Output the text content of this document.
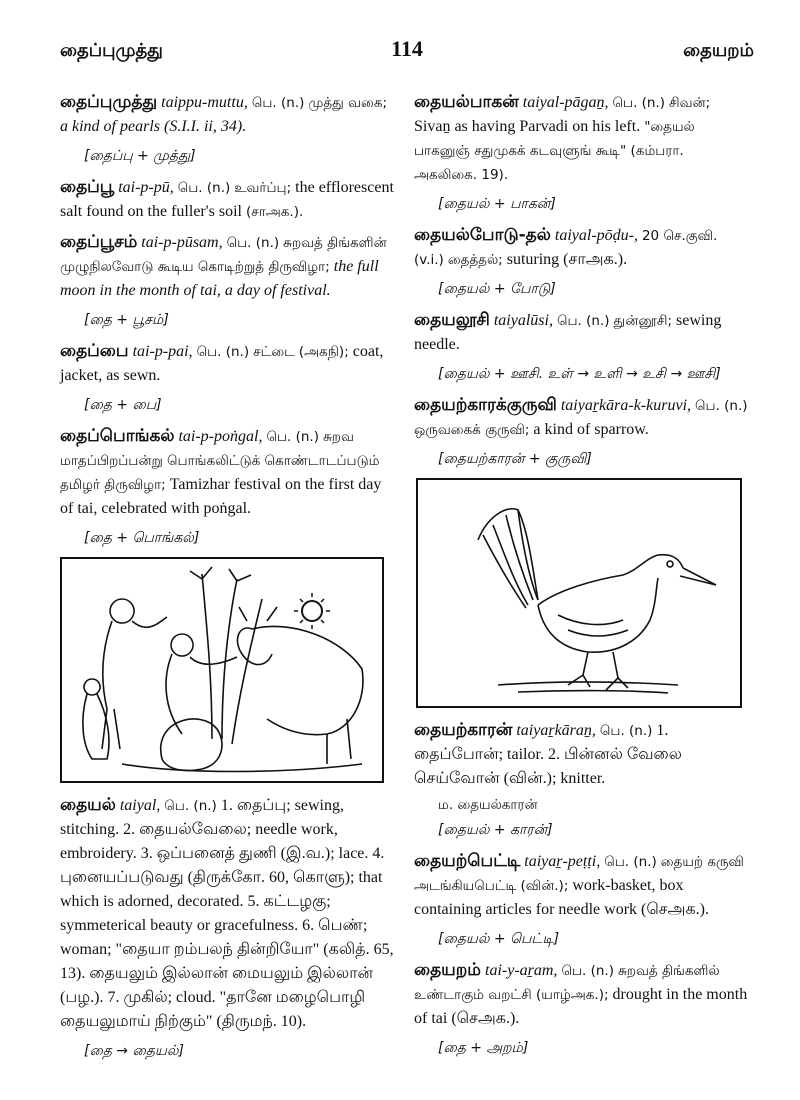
தைப்புமுத்து	114	தையறம்
தைப்புமுத்து taippu-muttu, பெ. (n.) முத்து வகை; a kind of pearls (S.I.I. ii, 34).
[தைப்பு + முத்து]
தைப்பூ tai-p-pū, பெ. (n.) உவர்ப்பு; the efflorescent salt found on the fuller's soil (சாஅக.).
தைப்பூசம் tai-p-pūsam, பெ. (n.) சுறவத் திங்களின் முழுநிலவோடு கூடிய கொடிற்றுத் திருவிழா; the full moon in the month of tai, a day of festival.
[தை + பூசம்]
தைப்பை tai-p-pai, பெ. (n.) சட்டை (அகநி); coat, jacket, as sewn.
[தை + பை]
தைப்பொங்கல் tai-p-poṅgal, பெ. (n.) சுறவ மாதப்பிறப்பன்று பொங்கலிட்டுக் கொண்டாடப்படும் தமிழர் திருவிழா; Tamizhar festival on the first day of tai, celebrated with poṅgal.
[தை + பொங்கல்]
தையல் taiyal, பெ. (n.) 1. தைப்பு; sewing, stitching. 2. தையல்வேலை; needle work, embroidery. 3. ஒப்பனைத் துணி (இ.வ.); lace. 4. புனையப்படுவது (திருக்கோ. 60, கொளு); that which is adorned, decorated. 5. கட்டழகு; symmeterical beauty or gracefulness. 6. பெண்; woman; "தையா றம்பலந் தின்றியோ" (கலித். 65, 13). தையலும் இல்லான் மையலும் இல்லான் (பழ.). 7. முகில்; cloud. "தானே மழைபொழி தையலுமாய் நிற்கும்" (திருமந். 10).
[தை → தையல்]
தையல்பாகன் taiyal-pāgaṉ, பெ. (n.) சிவன்; Sivaṉ as having Parvadi on his left. "தையல் பாகனுஞ் சதுமுகக் கடவுளுங் கூடி" (கம்பரா. அகலிகை. 19).
[தையல் + பாகன்]
தையல்போடு-தல் taiyal-pōḍu-, 20 செ.குவி. (v.i.) தைத்தல்; suturing (சாஅக.).
[தையல் + போடு]
தையலூசி taiyalūsi, பெ. (n.) துன்னூசி; sewing needle.
[தையல் + ஊசி. உள் → உளி → உசி → ஊசி]
தையற்காரக்குருவி taiyaṟkāra-k-kuruvi, பெ. (n.) ஒருவகைக் குருவி; a kind of sparrow.
[தையற்காரன் + குருவி]
தையற்காரன் taiyaṟkāraṉ, பெ. (n.) 1. தைப்போன்; tailor. 2. பின்னல் வேலை செய்வோன் (வின்.); knitter.
ம. தையல்காரன்
[தையல் + காரன்]
தையற்பெட்டி taiyaṟ-peṭṭi, பெ. (n.) தையற் கருவி அடங்கியபெட்டி (வின்.); work-basket, box containing articles for needle work (செஅக.).
[தையல் + பெட்டி]
தையறம் tai-y-aṟam, பெ. (n.) சுறவத் திங்களில் உண்டாகும் வறட்சி (யாழ்அக.); drought in the month of tai (செஅக.).
[தை + அறம்]
